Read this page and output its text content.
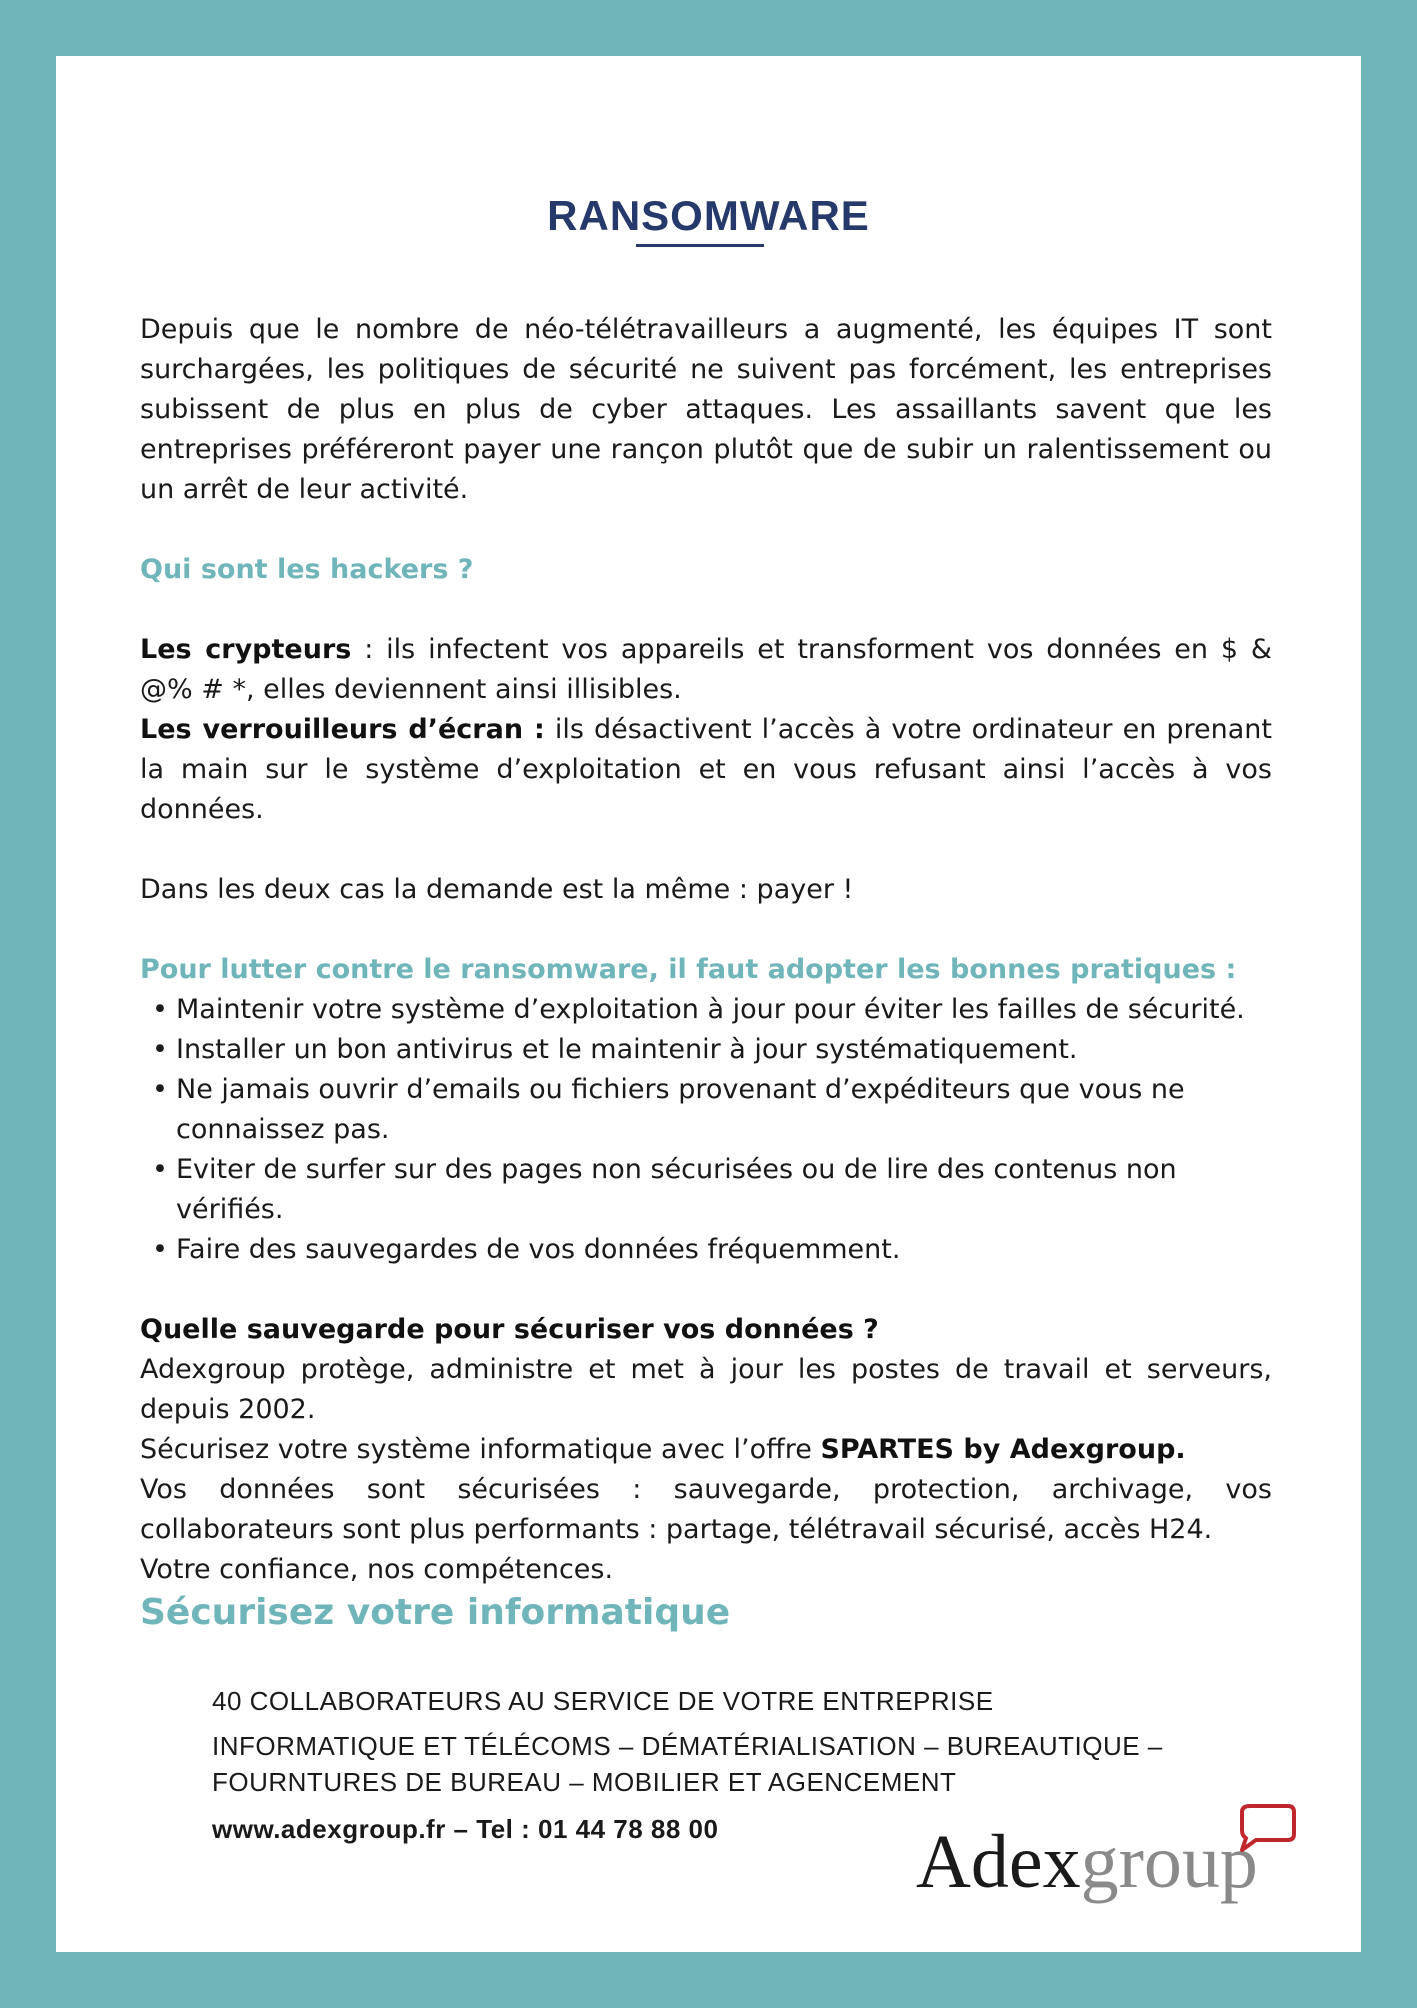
RANSOMWARE

Depuis que le nombre de néo-télétravailleurs a augmenté, les équipes IT sont surchargées, les politiques de sécurité ne suivent pas forcément, les entreprises subissent de plus en plus de cyber attaques. Les assaillants savent que les entreprises préféreront payer une rançon plutôt que de subir un ralentissement ou un arrêt de leur activité.

Qui sont les hackers ?

Les crypteurs : ils infectent vos appareils et transforment vos données en $ & @% # *, elles deviennent ainsi illisibles.

Les verrouilleurs d’écran : ils désactivent l’accès à votre ordinateur en prenant la main sur le système d’exploitation et en vous refusant ainsi l’accès à vos données.

Dans les deux cas la demande est la même : payer !

Pour lutter contre le ransomware, il faut adopter les bonnes pratiques :

• Maintenir votre système d’exploitation à jour pour éviter les failles de sécurité.
• Installer un bon antivirus et le maintenir à jour systématiquement.
• Ne jamais ouvrir d’emails ou fichiers provenant d’expéditeurs que vous ne connaissez pas.
• Eviter de surfer sur des pages non sécurisées ou de lire des contenus non vérifiés.
• Faire des sauvegardes de vos données fréquemment.

Quelle sauvegarde pour sécuriser vos données ?

Adexgroup protège, administre et met à jour les postes de travail et serveurs, depuis 2002.

Sécurisez votre système informatique avec l’offre SPARTES by Adexgroup.

Vos données sont sécurisées : sauvegarde, protection, archivage, vos collaborateurs sont plus performants : partage, télétravail sécurisé, accès H24.

Votre confiance, nos compétences.

Sécurisez votre informatique
40 COLLABORATEURS AU SERVICE DE VOTRE ENTREPRISE
INFORMATIQUE ET TÉLÉCOMS – DÉMATÉRIALISATION – BUREAUTIQUE –
FOURNTURES DE BUREAU – MOBILIER ET AGENCEMENT
www.adexgroup.fr – Tel : 01 44 78 88 00	Adexgroup
